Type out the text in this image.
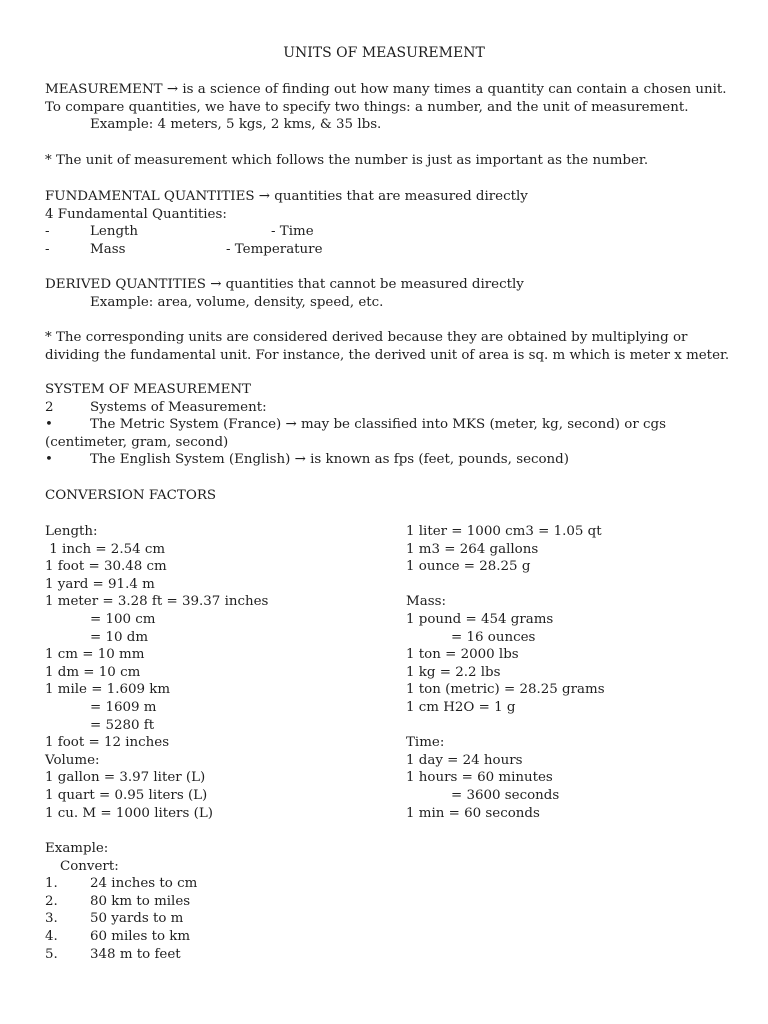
UNITS OF MEASUREMENT
MEASUREMENT → is a science of finding out how many times a quantity can contain a chosen unit.
To compare quantities, we have to specify two things: a number, and the unit of measurement.
Example: 4 meters, 5 kgs, 2 kms, & 35 lbs.
* The unit of measurement which follows the number is just as important as the number.
FUNDAMENTAL QUANTITIES → quantities that are measured directly
4 Fundamental Quantities:
-	Length	- Time
-	Mass	- Temperature
DERIVED QUANTITIES → quantities that cannot be measured directly
Example: area, volume, density, speed, etc.
* The corresponding units are considered derived because they are obtained by multiplying or
dividing the fundamental unit. For instance, the derived unit of area is sq. m which is meter x meter.
SYSTEM OF MEASUREMENT
2	Systems of Measurement:
•	The Metric System (France) → may be classified into MKS (meter, kg, second) or cgs
(centimeter, gram, second)
•	The English System (English) → is known as fps (feet, pounds, second)
CONVERSION FACTORS
Length:
1 inch = 2.54 cm
1 foot = 30.48 cm
1 yard = 91.4 m
1 meter = 3.28 ft = 39.37 inches
= 100 cm
= 10 dm
1 cm = 10 mm
1 dm = 10 cm
1 mile = 1.609 km
= 1609 m
= 5280 ft
1 foot = 12 inches
Volume:
1 gallon = 3.97 liter (L)
1 quart = 0.95 liters (L)
1 cu. M = 1000 liters (L)
1 liter = 1000 cm3 = 1.05 qt
1 m3 = 264 gallons
1 ounce = 28.25 g
Mass:
1 pound = 454 grams
= 16 ounces
1 ton = 2000 lbs
1 kg = 2.2 lbs
1 ton (metric) = 28.25 grams
1 cm H2O = 1 g
Time:
1 day = 24 hours
1 hours = 60 minutes
= 3600 seconds
1 min = 60 seconds
Example:
Convert:
1.	24 inches to cm
2.	80 km to miles
3.	50 yards to m
4.	60 miles to km
5.	348 m to feet
